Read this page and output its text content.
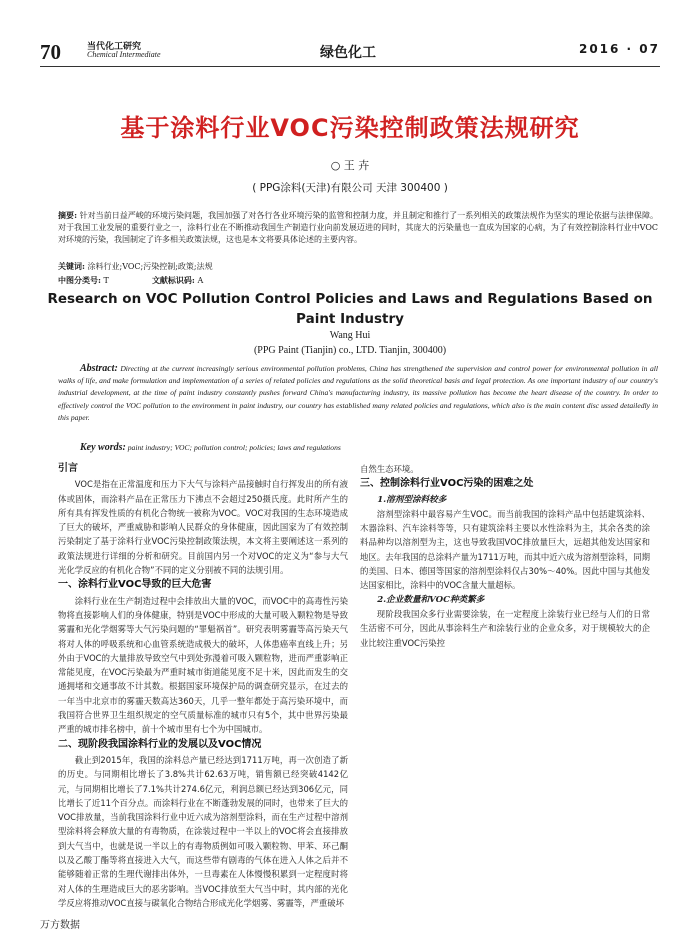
70	当代化工研究
Chemical Intermediate	绿色化工	2016 · 07
基于涂料行业VOC污染控制政策法规研究
○ 王 卉
( PPG涂料(天津)有限公司 天津 300400 )
摘要: 针对当前日益严峻的环境污染问题，我国加强了对各行各业环境污染的监管和控制力度，并且制定和推行了一系列相关的政策法规作为坚实的理论依据与法律保障。对于我国工业发展的重要行业之一，涂料行业在不断推动我国生产制造行业向前发展迈进的同时，其庞大的污染量也一直成为国家的心病，为了有效控制涂料行业中VOC对环境的污染，我国制定了许多相关政策法规，这也是本文将要具体论述的主要内容。
关键词: 涂料行业;VOC;污染控制;政策;法规
中图分类号: T	文献标识码: A
Research on VOC Pollution Control Policies and Laws and Regulations Based on Paint Industry
Wang Hui
(PPG Paint (Tianjin) co., LTD. Tianjin, 300400)
Abstract: Directing at the current increasingly serious environmental pollution problems, China has strengthened the supervision and control power for environmental pollution in all walks of life, and make formulation and implementation of a series of related policies and regulations as the solid theoretical basis and legal protection. As one important industry of our country's industrial development, at the time of paint industry constantly pushes forward China's manufacturing industry, its massive pollution has become the heart disease of the country. In order to effectively control the VOC pollution to the environment in paint industry, our country has established many related policies and regulations, which also is the main content disc ussed detailedly in this paper.
Key words: paint industry; VOC; pollution control; policies; laws and regulations
引言

VOC是指在正常温度和压力下大气与涂料产品接触时自行挥发出的所有液体或固体，而涂料产品在正常压力下沸点不会超过250摄氏度。此时所产生的所有具有挥发性质的有机化合物统一被称为VOC。VOC对我国的生态环境造成了巨大的破坏，严重威胁和影响人民群众的身体健康，因此国家为了有效控制污染制定了基于涂料行业VOC污染控制政策法规，本文将主要阐述这一系列的政策法规进行详细的分析和研究。目前国内另一个对VOC的定义为“参与大气光化学反应的有机化合物”不同的定义分别被不同的法规引用。

一、涂料行业VOC导致的巨大危害

涂料行业在生产制造过程中会排放出大量的VOC，而VOC中的高毒性污染物将直接影响人们的身体健康，特别是VOC中形成的大量可吸入颗粒物是导致雾霾和光化学烟雾等大气污染问题的“罪魁祸首”。研究表明雾霾等高污染天气将对人体的呼吸系统和心血管系统造成极大的破坏，人体患癌率直线上升；另外由于VOC的大量排放导致空气中到处弥漫着可吸入颗粒物，进而严重影响正常能见度，在VOC污染最为严重时城市街道能见度不足十米，因此而发生的交通拥堵和交通事故不计其数。根据国家环境保护局的调查研究显示，在过去的一年当中北京市的雾霾天数高达360天，几乎一整年都处于高污染环境中，而我国符合世界卫生组织规定的空气质量标准的城市只有5个，其中世界污染最严重的城市排名榜中，前十个城市里有七个为中国城市。

二、现阶段我国涂料行业的发展以及VOC情况

截止到2015年，我国的涂料总产量已经达到1711万吨，再一次创造了新的历史。与同期相比增长了3.8%共计62.63万吨，销售额已经突破4142亿元，与同期相比增长了7.1%共计274.6亿元，利润总额已经达到306亿元，同比增长了近11个百分点。而涂料行业在不断蓬勃发展的同时，也带来了巨大的VOC排放量，当前我国涂料行业中近六成为溶剂型涂料，而在生产过程中溶剂型涂料将会释放大量的有毒物质，在涂装过程中一半以上的VOC将会直接排放到大气当中，也就是说一半以上的有毒物质例如可吸入颗粒物、甲苯、环己酮以及乙酸丁酯等将直接进入大气，而这些带有剧毒的气体在进入人体之后并不能够随着正常的生理代谢排出体外，一旦毒素在人体慢慢积累到一定程度时将对人体的生理造成巨大的恶劣影响。当VOC排放至大气当中时，其内部的光化学反应将推动VOC直接与碳氧化合物结合形成光化学烟雾、雾霾等，严重破坏

自然生态环境。

三、控制涂料行业VOC污染的困难之处
1.溶剂型涂料较多

溶剂型涂料中最容易产生VOC。而当前我国的涂料产品中包括建筑涂料、木器涂料、汽车涂料等等，只有建筑涂料主要以水性涂料为主，其余各类的涂料品种均以溶剂型为主，这也导致我国VOC排放量巨大，远超其他发达国家和地区。去年我国的总涂料产量为1711万吨，而其中近六成为溶剂型涂料，同期的美国、日本、德国等国家的溶剂型涂料仅占30%～40%。因此中国与其他发达国家相比，涂料中的VOC含量大量超标。

2.企业数量和VOC种类繁多

现阶段我国众多行业需要涂装，在一定程度上涂装行业已经与人们的日常生活密不可分，因此从事涂料生产和涂装行业的企业众多，对于规模较大的企业比较注重VOC污染控

万方数据
